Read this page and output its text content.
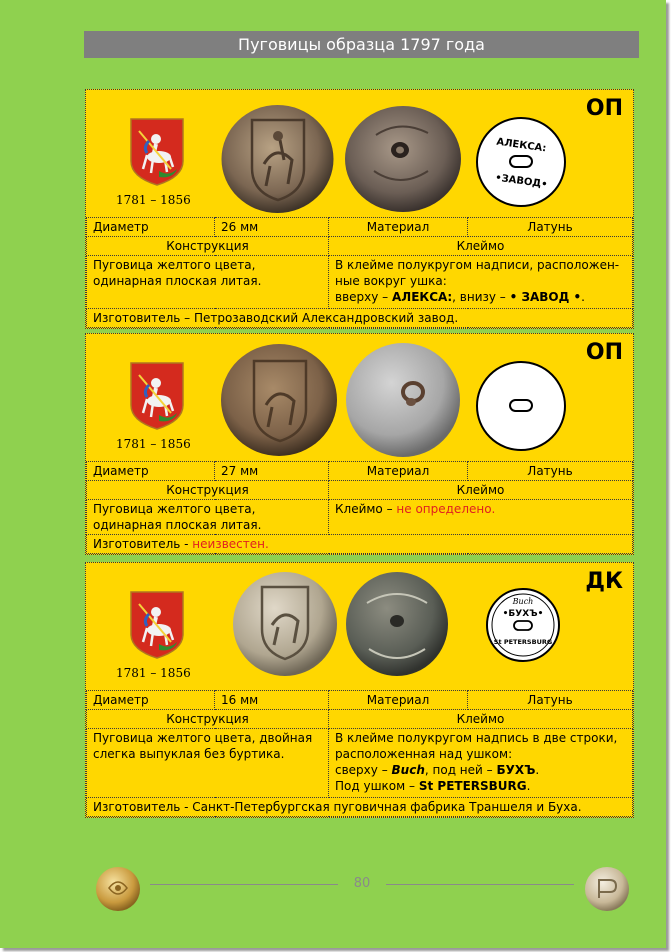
Пуговицы образца 1797 года
1781 – 1856
АЛЕКСА:
•ЗАВОД•
ОП
Диаметр	26 мм	Материал	Латунь
Конструкция		Клеймо	
Пуговица желтого цвета, одинарная плоская литая.		В клейме полукругом надписи, расположен-
ные вокруг ушка:
вверху – АЛЕКСА:, внизу – • ЗАВОД •.	
Изготовитель – Петрозаводский Александровский завод.			
1781 – 1856
ОП
Диаметр	27 мм	Материал	Латунь
Конструкция		Клеймо	
Пуговица желтого цвета, одинарная плоская литая.		Клеймо – не определено.	
Изготовитель - неизвестен.			
1781 – 1856
Buch
•БУХЪ•
St PETERSBURG
ДК
Диаметр	16 мм	Материал	Латунь
Конструкция		Клеймо	
Пуговица желтого цвета, двойная слегка выпуклая без буртика.		В клейме полукругом надпись в две строки,
расположенная над ушком:
сверху – Buch, под ней – БУХЪ.
Под ушком – St PETERSBURG.	
Изготовитель - Санкт-Петербургская пуговичная фабрика Траншеля и Буха.			
80
